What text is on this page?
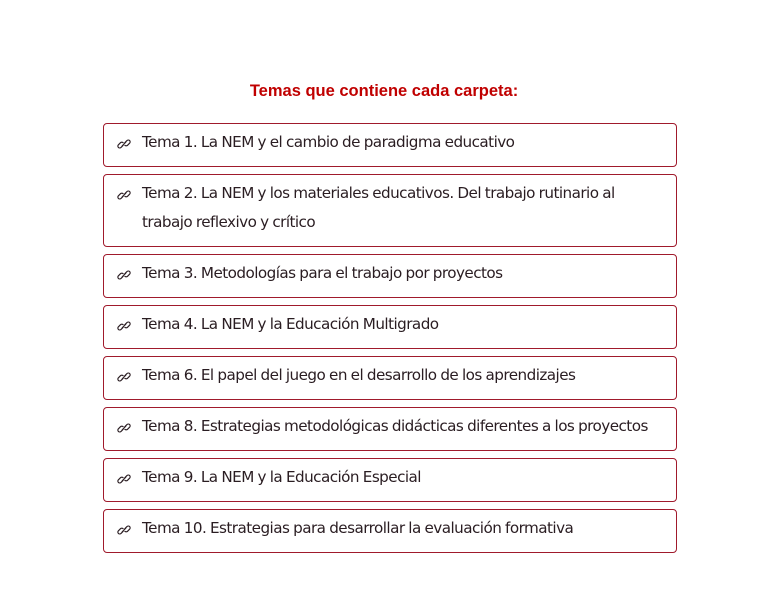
Temas que contiene cada carpeta:
Tema 1. La NEM y el cambio de paradigma educativo
Tema 2. La NEM y los materiales educativos. Del trabajo rutinario al trabajo reflexivo y crítico
Tema 3. Metodologías para el trabajo por proyectos
Tema 4. La NEM y la Educación Multigrado
Tema 6. El papel del juego en el desarrollo de los aprendizajes
Tema 8. Estrategias metodológicas didácticas diferentes a los proyectos
Tema 9. La NEM y la Educación Especial
Tema 10. Estrategias para desarrollar la evaluación formativa
